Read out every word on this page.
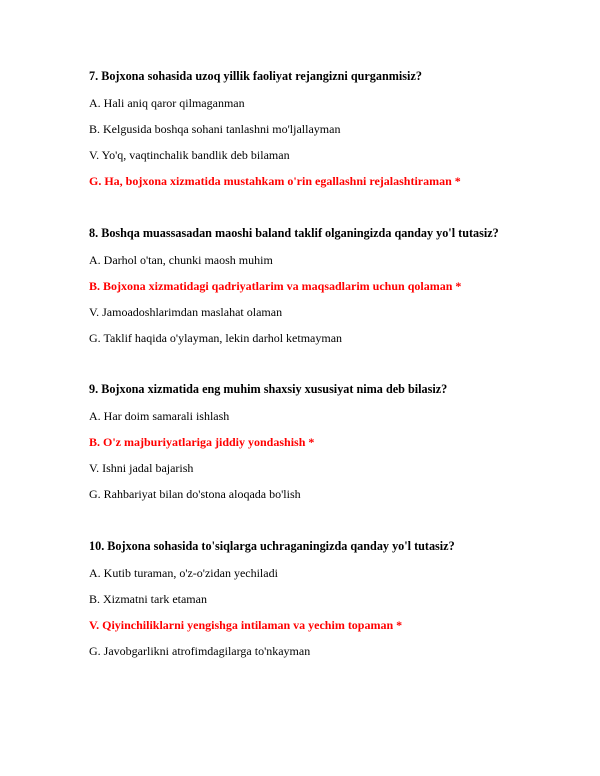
7. Bojxona sohasida uzoq yillik faoliyat rejangizni qurganmisiz?

A. Hali aniq qaror qilmaganman

B. Kelgusida boshqa sohani tanlashni mo'ljallayman

V. Yo'q, vaqtinchalik bandlik deb bilaman

G. Ha, bojxona xizmatida mustahkam o'rin egallashni rejalashtiraman *

8. Boshqa muassasadan maoshi baland taklif olganingizda qanday yo'l tutasiz?

A. Darhol o'tan, chunki maosh muhim

B. Bojxona xizmatidagi qadriyatlarim va maqsadlarim uchun qolaman *

V. Jamoadoshlarimdan maslahat olaman

G. Taklif haqida o'ylayman, lekin darhol ketmayman

9. Bojxona xizmatida eng muhim shaxsiy xususiyat nima deb bilasiz?

A. Har doim samarali ishlash

B. O'z majburiyatlariga jiddiy yondashish *

V. Ishni jadal bajarish

G. Rahbariyat bilan do'stona aloqada bo'lish

10. Bojxona sohasida to'siqlarga uchraganingizda qanday yo'l tutasiz?

A. Kutib turaman, o'z-o'zidan yechiladi

B. Xizmatni tark etaman

V. Qiyinchiliklarni yengishga intilaman va yechim topaman *

G. Javobgarlikni atrofimdagilarga to'nkayman
